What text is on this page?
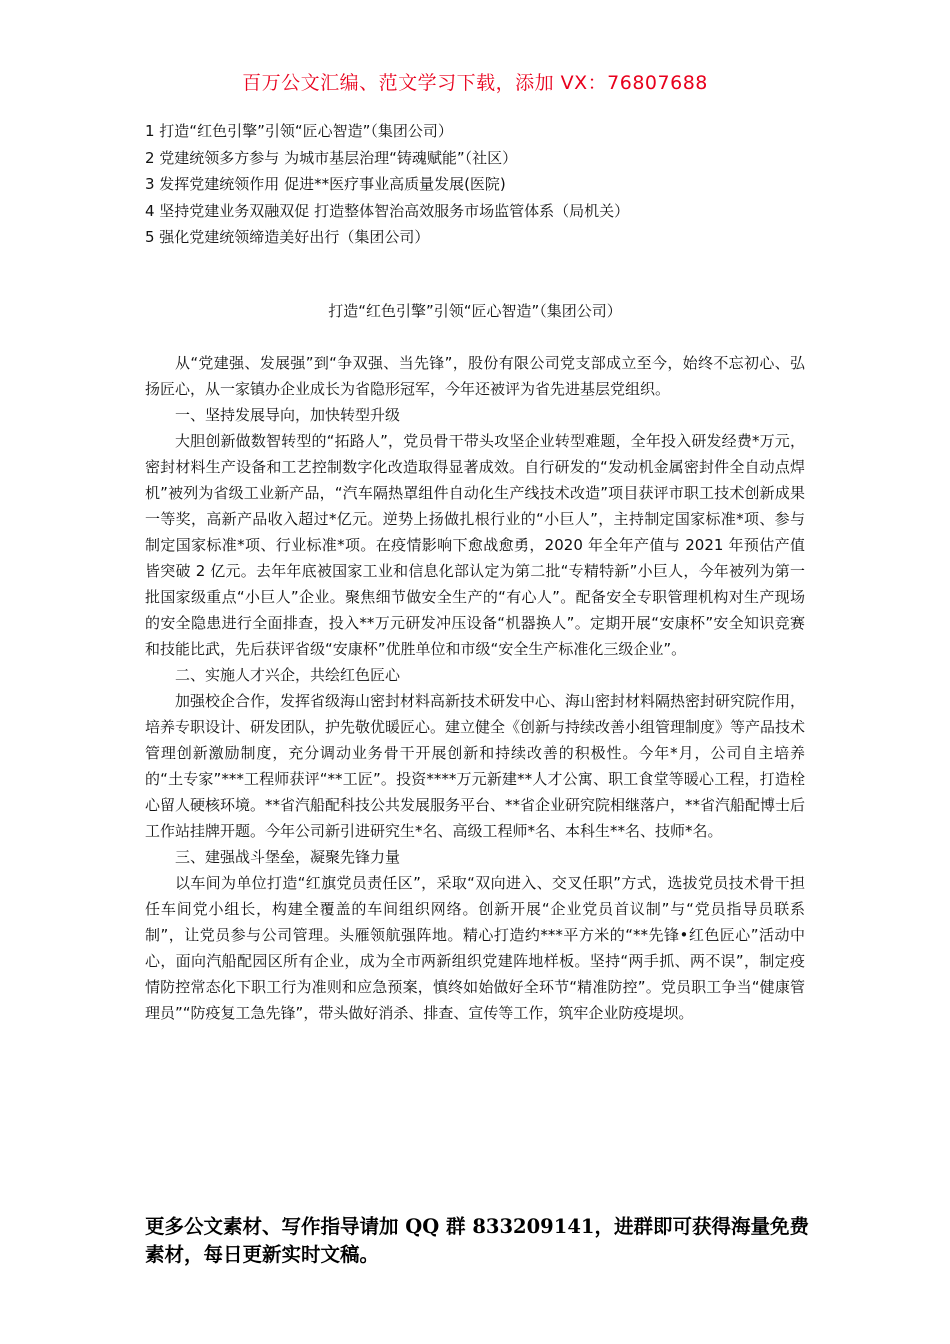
百万公文汇编、范文学习下载，添加 VX：76807688
1 打造“红色引擎”引领“匠心智造”（集团公司）
2 党建统领多方参与 为城市基层治理“铸魂赋能”（社区）
3 发挥党建统领作用 促进**医疗事业高质量发展(医院)
4 坚持党建业务双融双促 打造整体智治高效服务市场监管体系（局机关）
5 强化党建统领缔造美好出行（集团公司）
打造“红色引擎”引领“匠心智造”（集团公司）

从“党建强、发展强”到“争双强、当先锋”，股份有限公司党支部成立至今，始终不忘初心、弘扬匠心，从一家镇办企业成长为省隐形冠军，今年还被评为省先进基层党组织。

一、坚持发展导向，加快转型升级

大胆创新做数智转型的“拓路人”，党员骨干带头攻坚企业转型难题，全年投入研发经费*万元，密封材料生产设备和工艺控制数字化改造取得显著成效。自行研发的“发动机金属密封件全自动点焊机”被列为省级工业新产品，“汽车隔热罩组件自动化生产线技术改造”项目获评市职工技术创新成果一等奖，高新产品收入超过*亿元。逆势上扬做扎根行业的“小巨人”，主持制定国家标准*项、参与制定国家标准*项、行业标准*项。在疫情影响下愈战愈勇，2020 年全年产值与 2021 年预估产值皆突破 2 亿元。去年年底被国家工业和信息化部认定为第二批“专精特新”小巨人，今年被列为第一批国家级重点“小巨人”企业。聚焦细节做安全生产的“有心人”。配备安全专职管理机构对生产现场的安全隐患进行全面排查，投入**万元研发冲压设备“机器换人”。定期开展“安康杯”安全知识竞赛和技能比武，先后获评省级“安康杯”优胜单位和市级“安全生产标准化三级企业”。

二、实施人才兴企，共绘红色匠心

加强校企合作，发挥省级海山密封材料高新技术研发中心、海山密封材料隔热密封研究院作用，培养专职设计、研发团队，护先敬优暖匠心。建立健全《创新与持续改善小组管理制度》等产品技术管理创新激励制度，充分调动业务骨干开展创新和持续改善的积极性。今年*月，公司自主培养的“土专家”***工程师获评“**工匠”。投资****万元新建**人才公寓、职工食堂等暖心工程，打造栓心留人硬核环境。**省汽船配科技公共发展服务平台、**省企业研究院相继落户，**省汽船配博士后工作站挂牌开题。今年公司新引进研究生*名、高级工程师*名、本科生**名、技师*名。

三、建强战斗堡垒，凝聚先锋力量

以车间为单位打造“红旗党员责任区”，采取“双向进入、交叉任职”方式，选拔党员技术骨干担任车间党小组长，构建全覆盖的车间组织网络。创新开展“企业党员首议制”与“党员指导员联系制”，让党员参与公司管理。头雁领航强阵地。精心打造约***平方米的“**先锋•红色匠心”活动中心，面向汽船配园区所有企业，成为全市两新组织党建阵地样板。坚持“两手抓、两不误”，制定疫情防控常态化下职工行为准则和应急预案，慎终如始做好全环节“精准防控”。党员职工争当“健康管理员”“防疫复工急先锋”，带头做好消杀、排查、宣传等工作，筑牢企业防疫堤坝。

更多公文素材、写作指导请加 QQ 群 833209141，进群即可获得海量免费素材，每日更新实时文稿。
